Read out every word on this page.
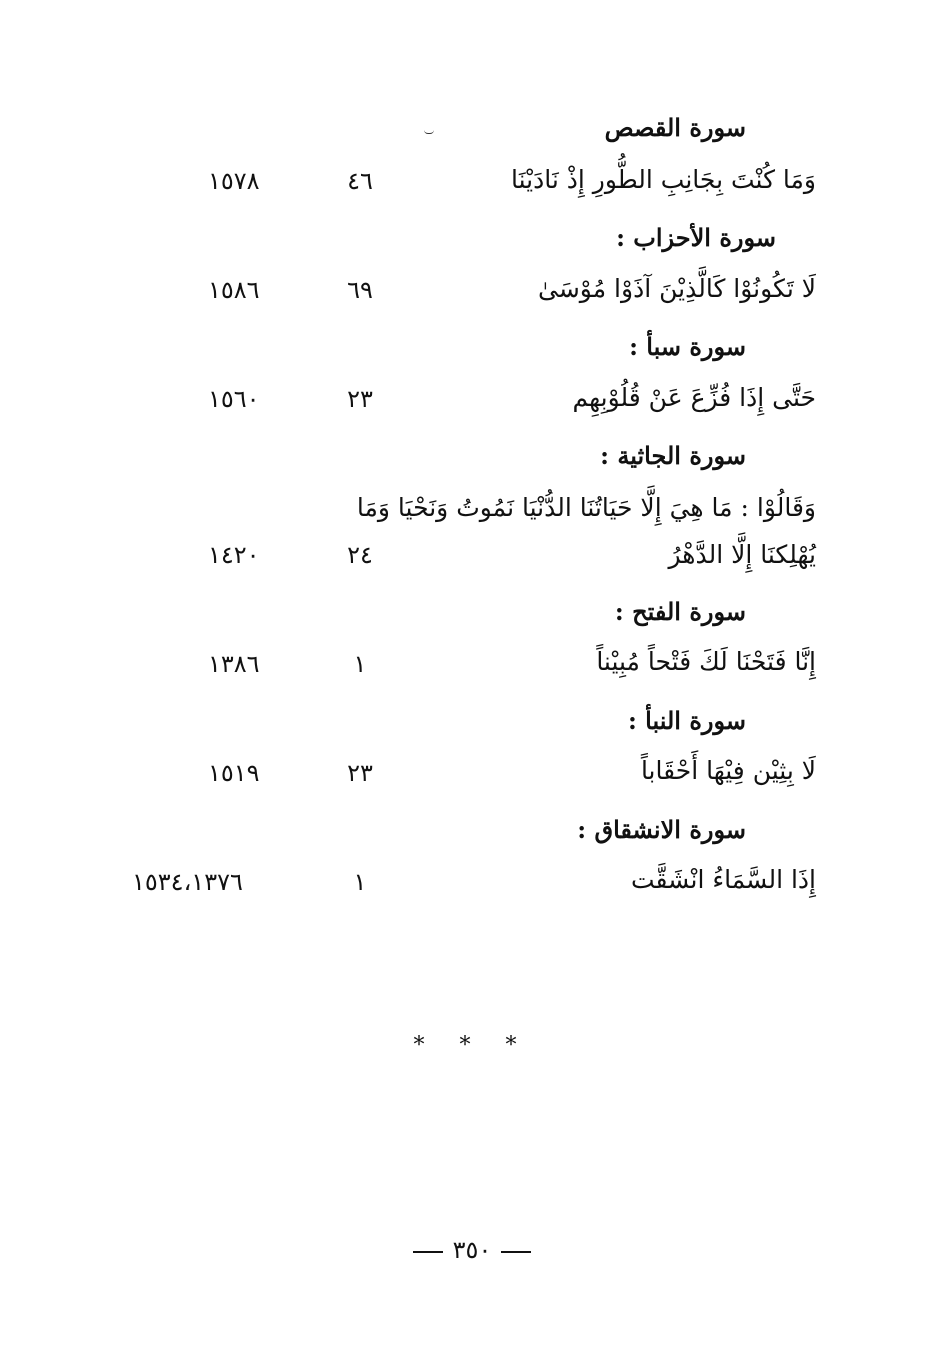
سورة القصص
وَمَا كُنْتَ بِجَانِبِ الطُّورِ إِذْ نَادَيْنَا
٤٦
١٥٧٨
سورة الأحزاب :
لَا تَكُونُوْا كَالَّذِيْنَ آذَوْا مُوْسَىٰ
٦٩
١٥٨٦
سورة سبأ :
حَتَّى إِذَا فُزِّعَ عَنْ قُلُوْبِهِم
٢٣
١٥٦٠
سورة الجاثية :
وَقَالُوْا : مَا هِيَ إِلَّا حَيَاتُنَا الدُّنْيَا نَمُوتُ وَنَحْيَا وَمَا
يُهْلِكنَا إِلَّا الدَّهْرُ
٢٤
١٤٢٠
سورة الفتح :
إِنَّا فَتَحْنَا لَكَ فَتْحاً مُبِيْناً
١
١٣٨٦
سورة النبأ :
لَا بِثِيْن فِيْهَا أَحْقَاباً
٢٣
١٥١٩
سورة الانشقاق :
إِذَا السَّمَاءُ انْشَقَّت
١
١٥٣٤،١٣٧٦
* * *
٣٥٠
